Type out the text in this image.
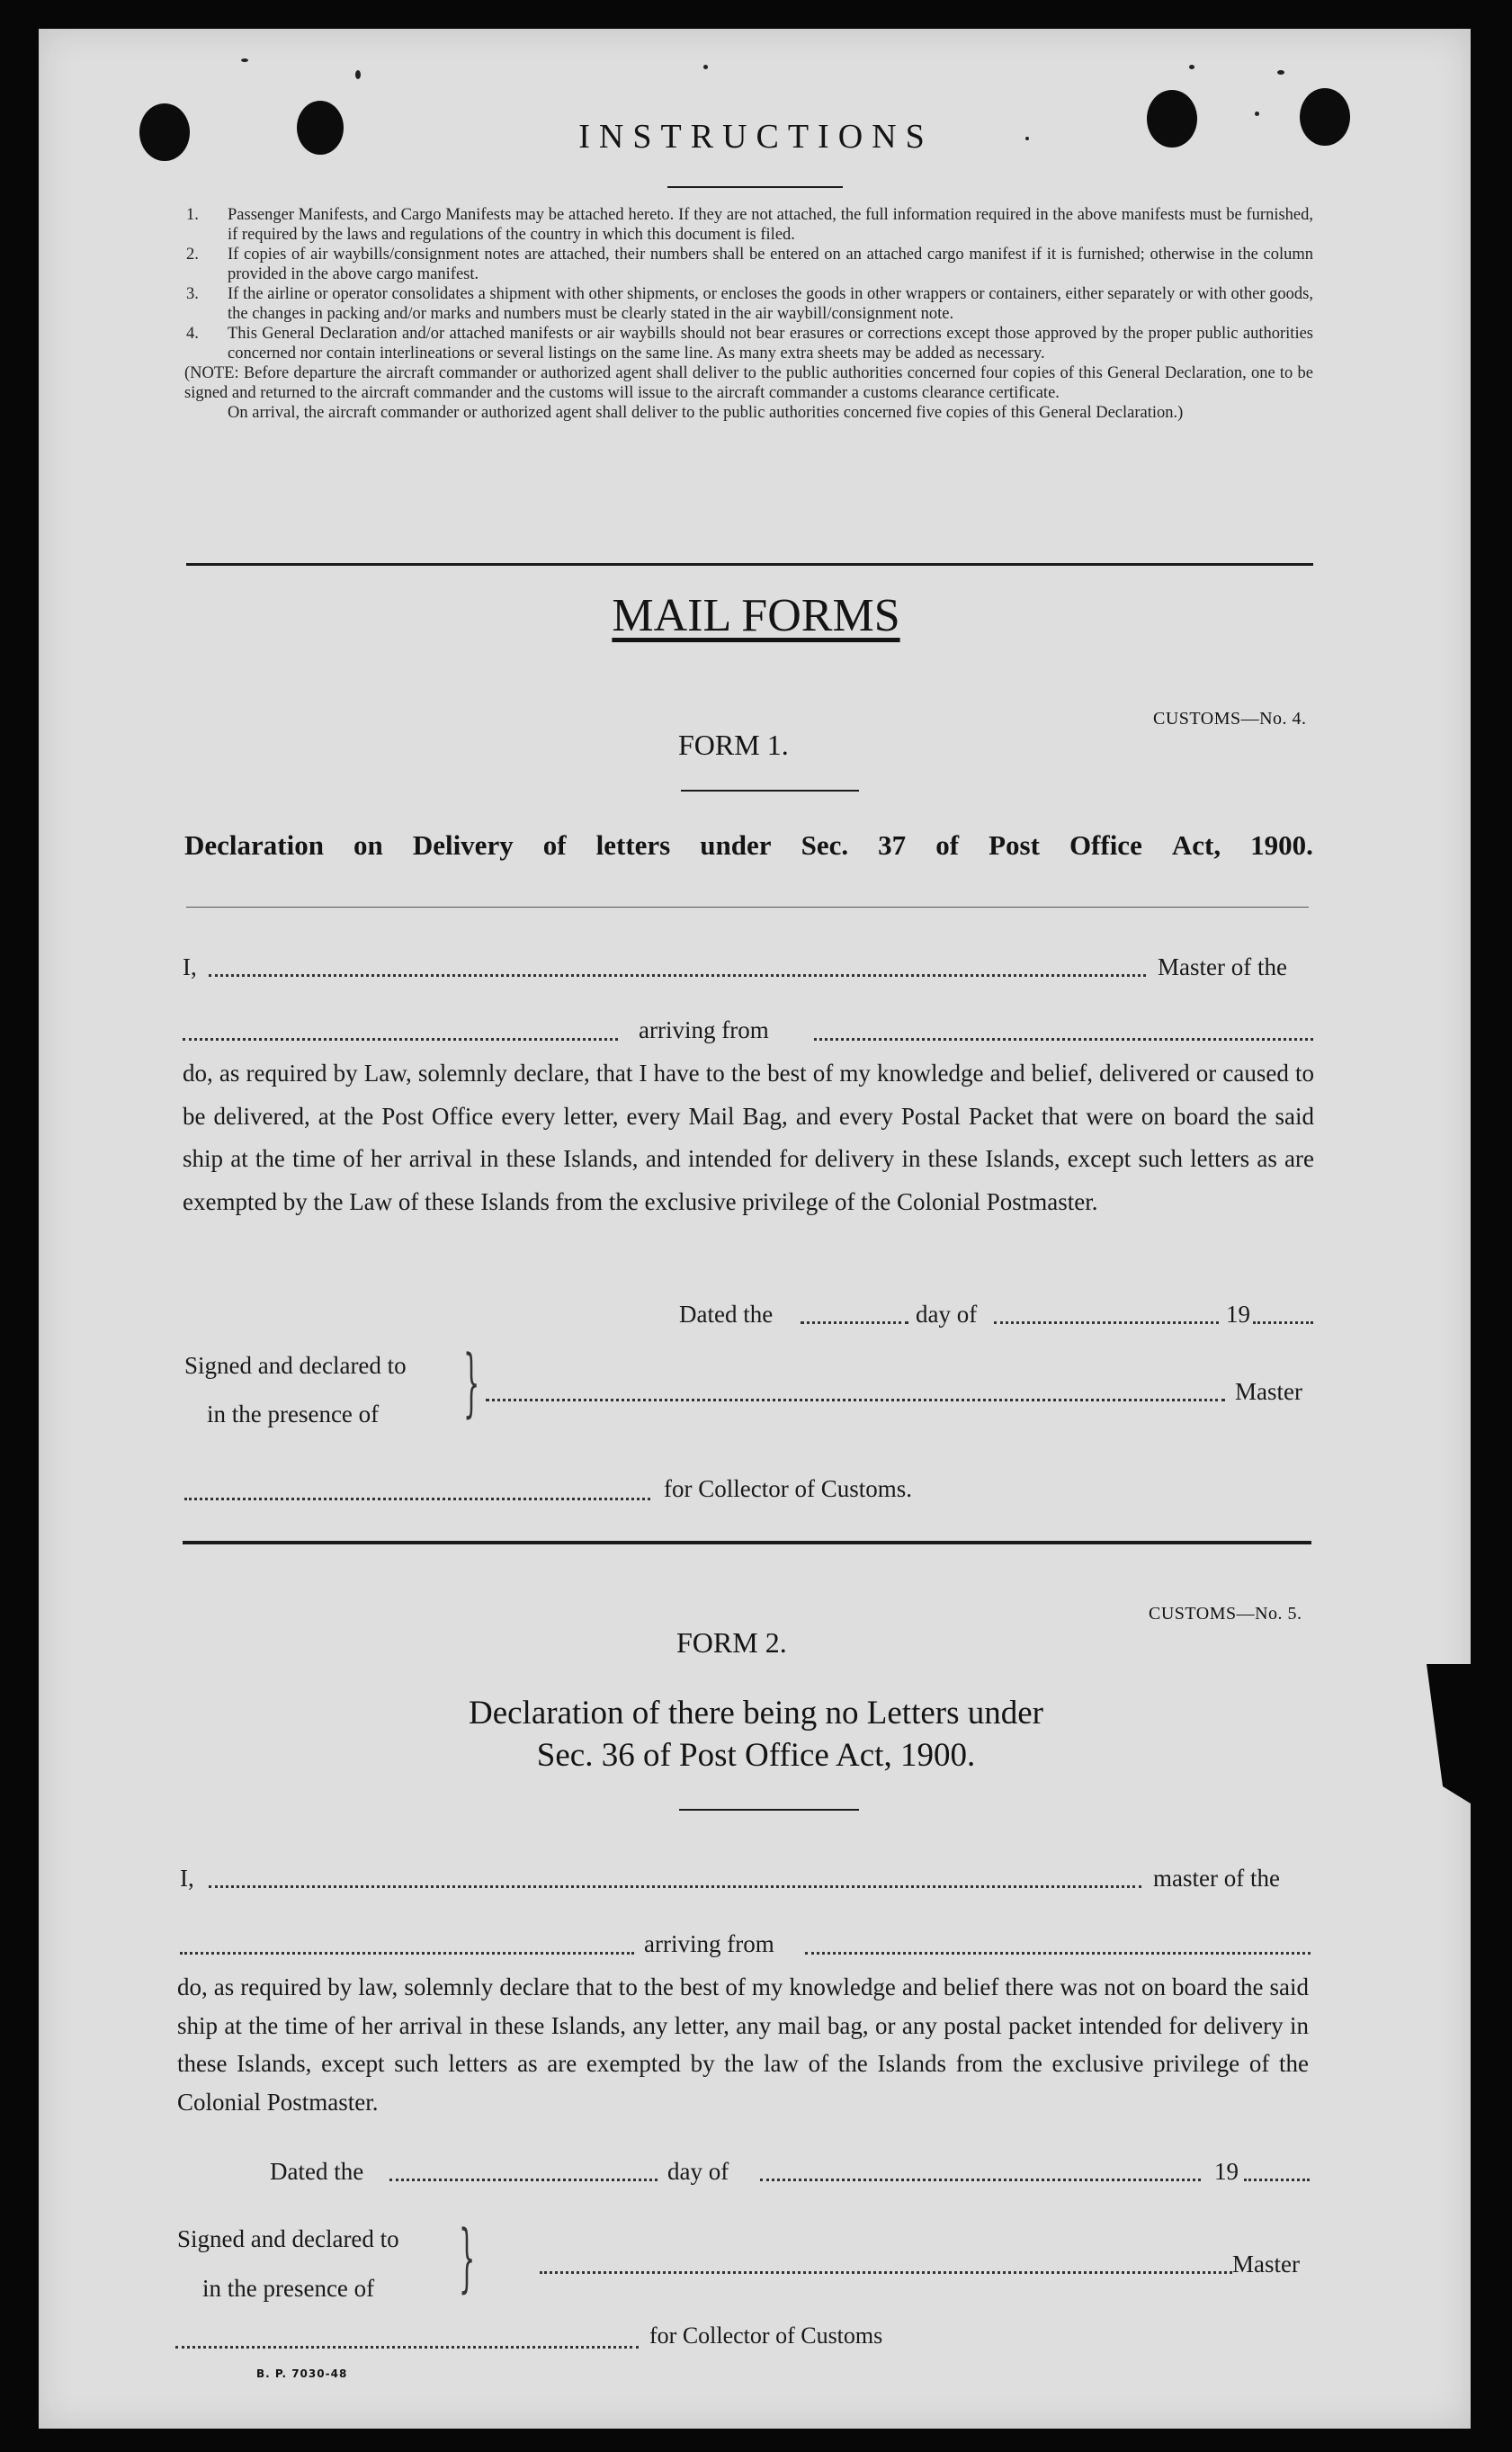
INSTRUCTIONS

1. Passenger Manifests, and Cargo Manifests may be attached hereto. If they are not attached, the full information required in the above manifests must be furnished, if required by the laws and regulations of the country in which this document is filed.

2. If copies of air waybills/consignment notes are attached, their numbers shall be entered on an attached cargo manifest if it is furnished; otherwise in the column provided in the above cargo manifest.

3. If the airline or operator consolidates a shipment with other shipments, or encloses the goods in other wrappers or containers, either separately or with other goods, the changes in packing and/or marks and numbers must be clearly stated in the air waybill/consignment note.

4. This General Declaration and/or attached manifests or air waybills should not bear erasures or corrections except those approved by the proper public authorities concerned nor contain interlineations or several listings on the same line. As many extra sheets may be added as necessary.

(NOTE: Before departure the aircraft commander or authorized agent shall deliver to the public authorities concerned four copies of this General Declaration, one to be signed and returned to the aircraft commander and the customs will issue to the aircraft commander a customs clearance certificate.

On arrival, the aircraft commander or authorized agent shall deliver to the public authorities concerned five copies of this General Declaration.)

MAIL FORMS
CUSTOMS—No. 4.
FORM 1.
Declaration on Delivery of letters under Sec. 37 of Post Office Act, 1900.
I,	Master of the
arriving from
do, as required by Law, solemnly declare, that I have to the best of my knowledge and belief, delivered or caused to be delivered, at the Post Office every letter, every Mail Bag, and every Postal Packet that were on board the said ship at the time of her arrival in these Islands, and intended for delivery in these Islands, except such letters as are exempted by the Law of these Islands from the exclusive privilege of the Colonial Postmaster.
Dated the	day of	19
Signed and declared to
in the presence of }	Master
for Collector of Customs.
CUSTOMS—No. 5.
FORM 2.
Declaration of there being no Letters under
Sec. 36 of Post Office Act, 1900.
I,	master of the
arriving from
do, as required by law, solemnly declare that to the best of my knowledge and belief there was not on board the said ship at the time of her arrival in these Islands, any letter, any mail bag, or any postal packet intended for delivery in these Islands, except such letters as are exempted by the law of the Islands from the exclusive privilege of the Colonial Postmaster.
Dated the	day of	19
Signed and declared to
in the presence of }	Master
for Collector of Customs
B. P. 7030-48
